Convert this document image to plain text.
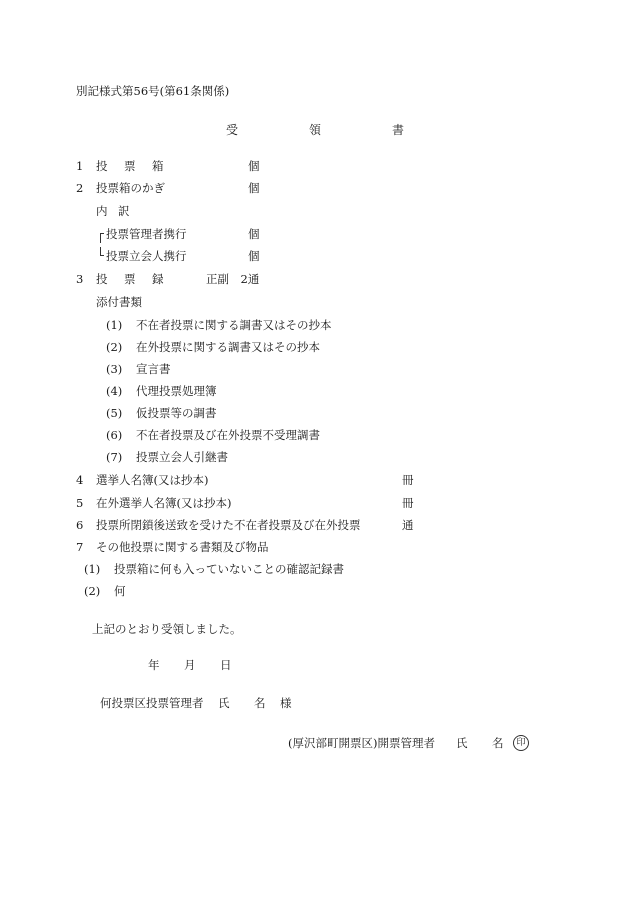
別記様式第56号(第61条関係)
受	領	書
1 投 票 箱	個
2 投票箱のかぎ	個
内 訳
投票管理者携行	個
投票立会人携行	個
3 投 票 録	正副　2通
添付書類
(1) 不在者投票に関する調書又はその抄本
(2) 在外投票に関する調書又はその抄本
(3) 宣言書
(4) 代理投票処理簿
(5) 仮投票等の調書
(6) 不在者投票及び在外投票不受理調書
(7) 投票立会人引継書
4 選挙人名簿(又は抄本)	冊
5 在外選挙人名簿(又は抄本)	冊
6 投票所閉鎖後送致を受けた不在者投票及び在外投票	通
7 その他投票に関する書類及び物品
(1) 投票箱に何も入っていないことの確認記録書
(2) 何
上記のとおり受領しました。
年 月 日
何投票区投票管理者 氏 名 様
(厚沢部町開票区)開票管理者 氏 名	印
